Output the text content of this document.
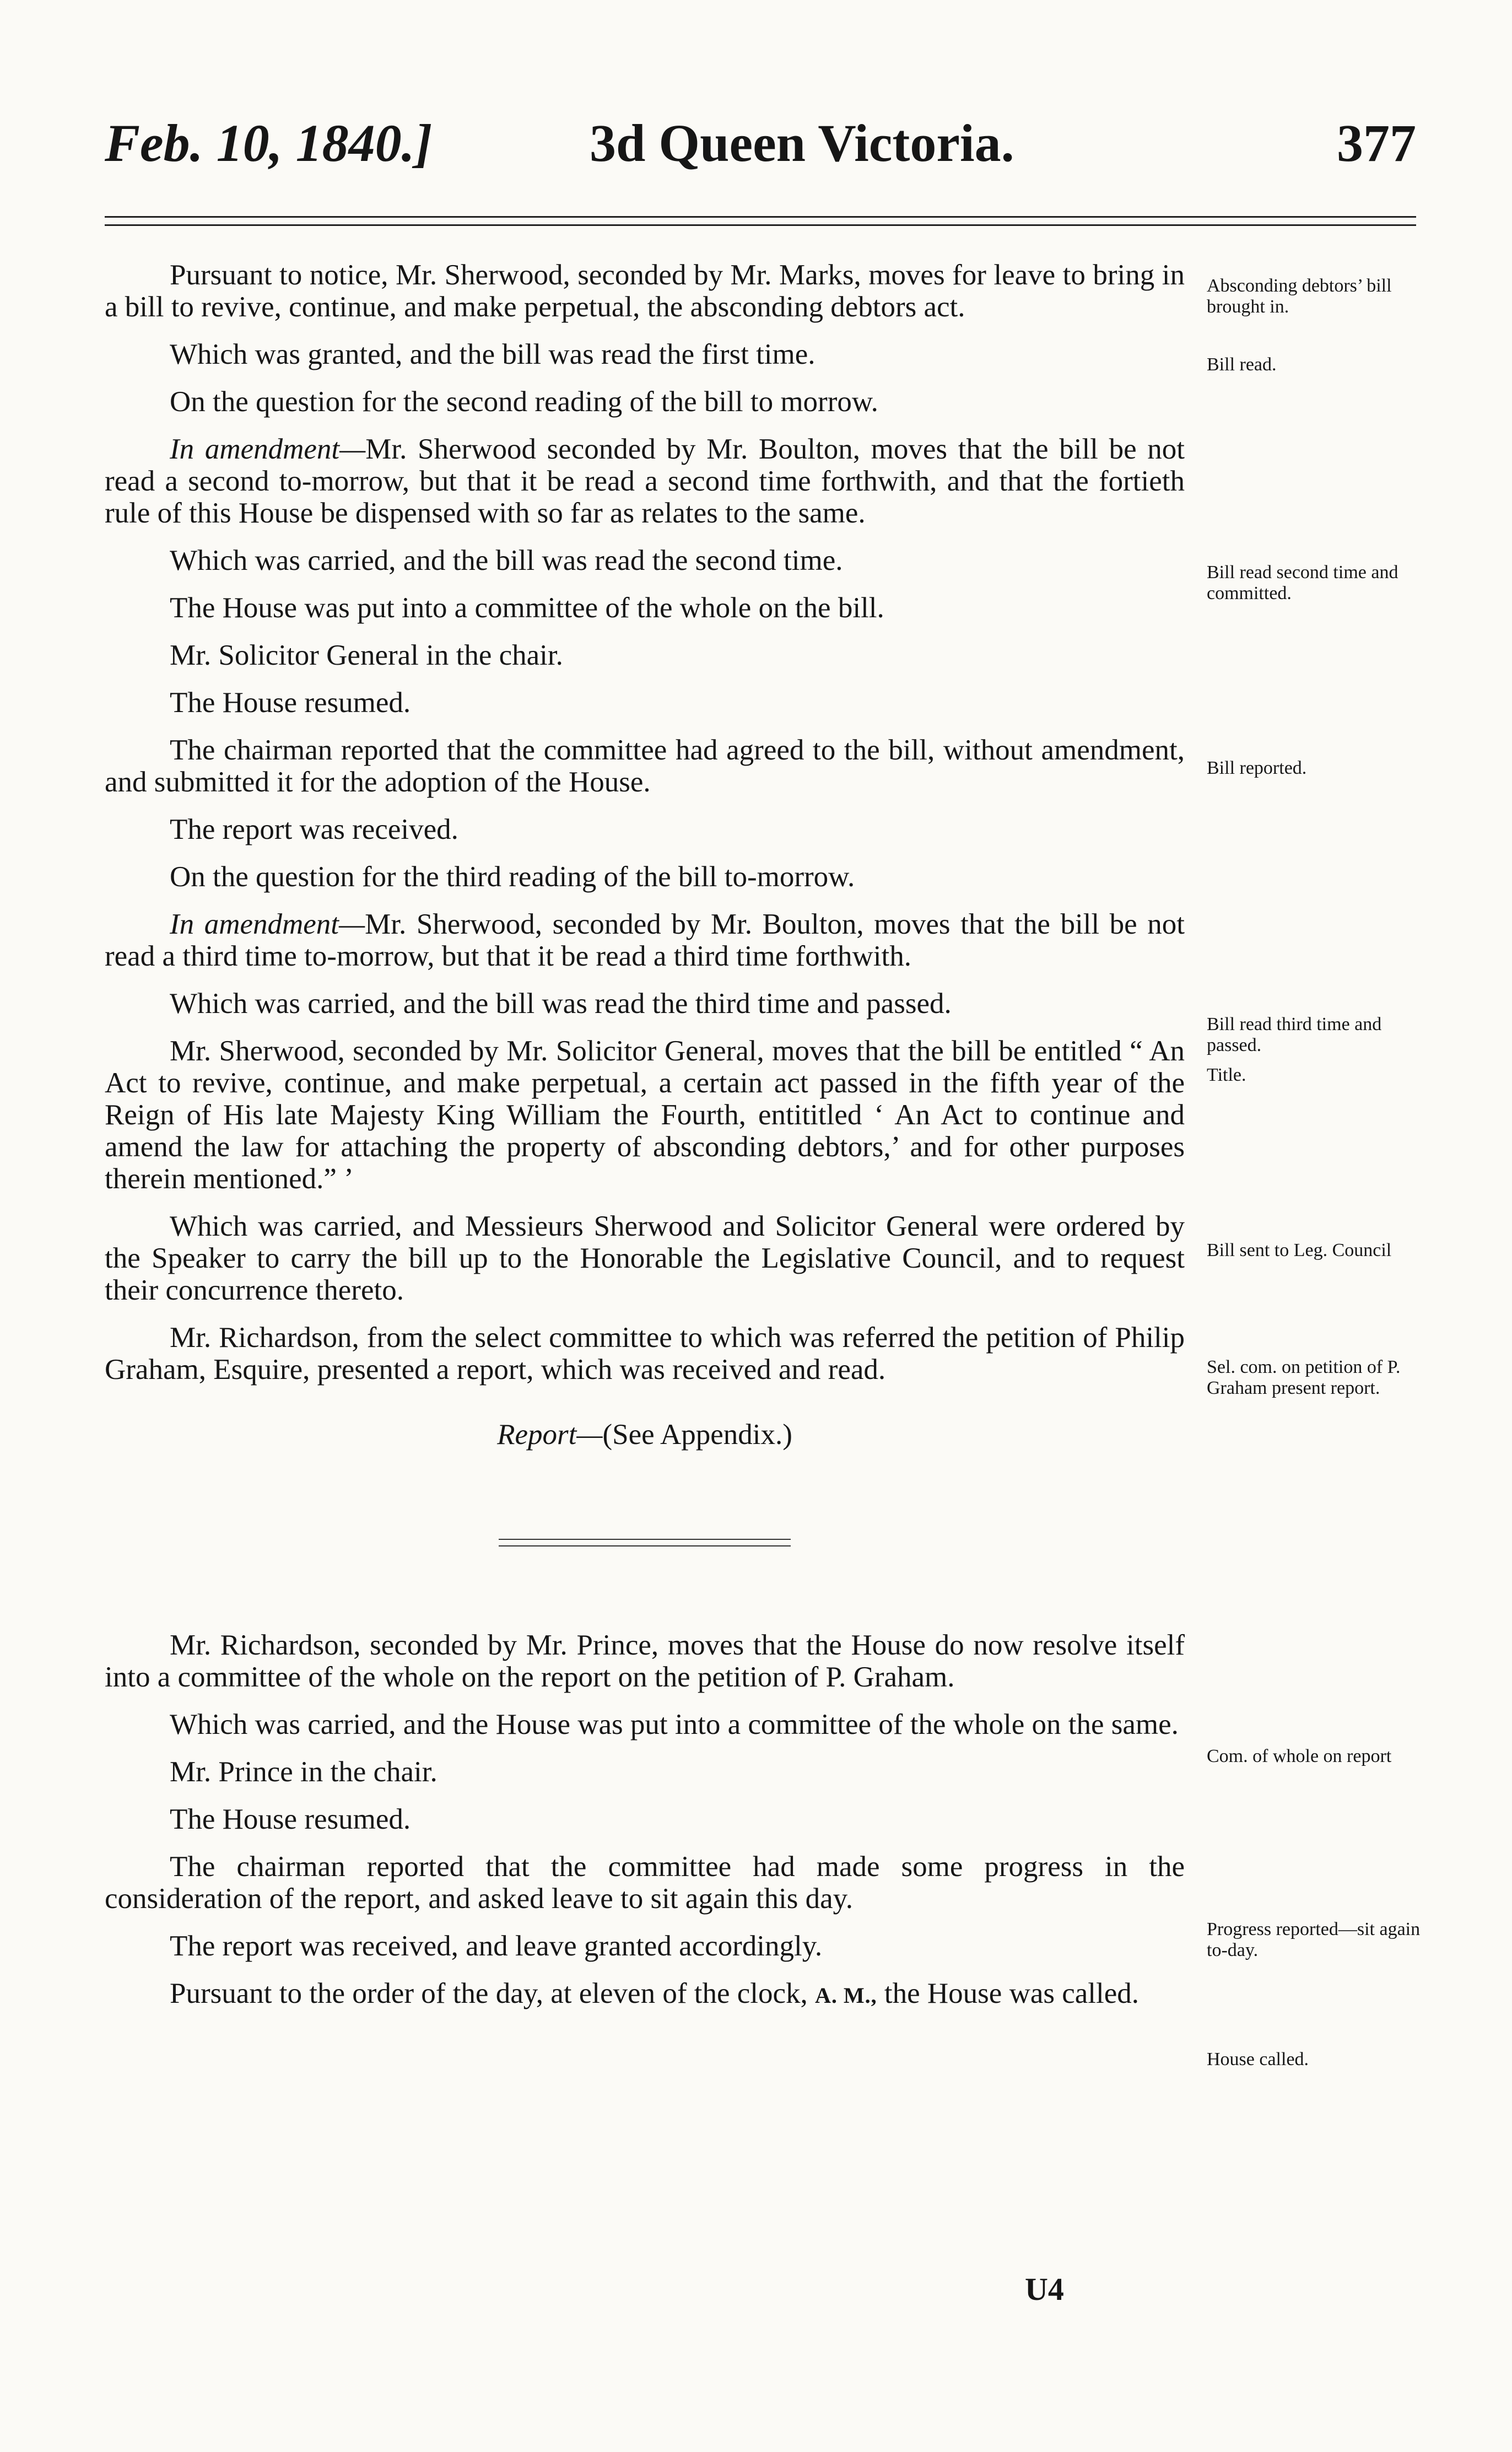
Feb. 10, 1840.]	3d Queen Victoria.	377

Pursuant to notice, Mr. Sherwood, seconded by Mr. Marks, moves for leave to bring in a bill to revive, continue, and make perpetual, the absconding debtors act.

Which was granted, and the bill was read the first time.

On the question for the second reading of the bill to morrow.

In amendment—Mr. Sherwood seconded by Mr. Boulton, moves that the bill be not read a second to-morrow, but that it be read a second time forthwith, and that the fortieth rule of this House be dispensed with so far as relates to the same.

Which was carried, and the bill was read the second time.

The House was put into a committee of the whole on the bill.

Mr. Solicitor General in the chair.

The House resumed.

The chairman reported that the committee had agreed to the bill, without amendment, and submitted it for the adoption of the House.

The report was received.

On the question for the third reading of the bill to-morrow.

In amendment—Mr. Sherwood, seconded by Mr. Boulton, moves that the bill be not read a third time to-morrow, but that it be read a third time forthwith.

Which was carried, and the bill was read the third time and passed.

Mr. Sherwood, seconded by Mr. Solicitor General, moves that the bill be entitled “ An Act to revive, continue, and make perpetual, a certain act passed in the fifth year of the Reign of His late Majesty King William the Fourth, entititled ‘ An Act to continue and amend the law for attaching the property of absconding debtors,’ and for other purposes therein mentioned.” ’

Which was carried, and Messieurs Sherwood and Solicitor General were ordered by the Speaker to carry the bill up to the Honorable the Legislative Council, and to request their concurrence thereto.

Mr. Richardson, from the select committee to which was referred the petition of Philip Graham, Esquire, presented a report, which was received and read.

Report—(See Appendix.)

Mr. Richardson, seconded by Mr. Prince, moves that the House do now resolve itself into a committee of the whole on the report on the petition of P. Graham.

Which was carried, and the House was put into a committee of the whole on the same.

Mr. Prince in the chair.

The House resumed.

The chairman reported that the committee had made some progress in the consideration of the report, and asked leave to sit again this day.

The report was received, and leave granted accordingly.

Pursuant to the order of the day, at eleven of the clock, A. M., the House was called.

Absconding debtors’ bill brought in.
Bill read.
Bill read second time and committed.
Bill reported.
Bill read third time and passed.
Title.
Bill sent to Leg. Council
Sel. com. on petition of P. Graham present report.
Com. of whole on report
Progress reported—sit again to-day.
House called.
U4
